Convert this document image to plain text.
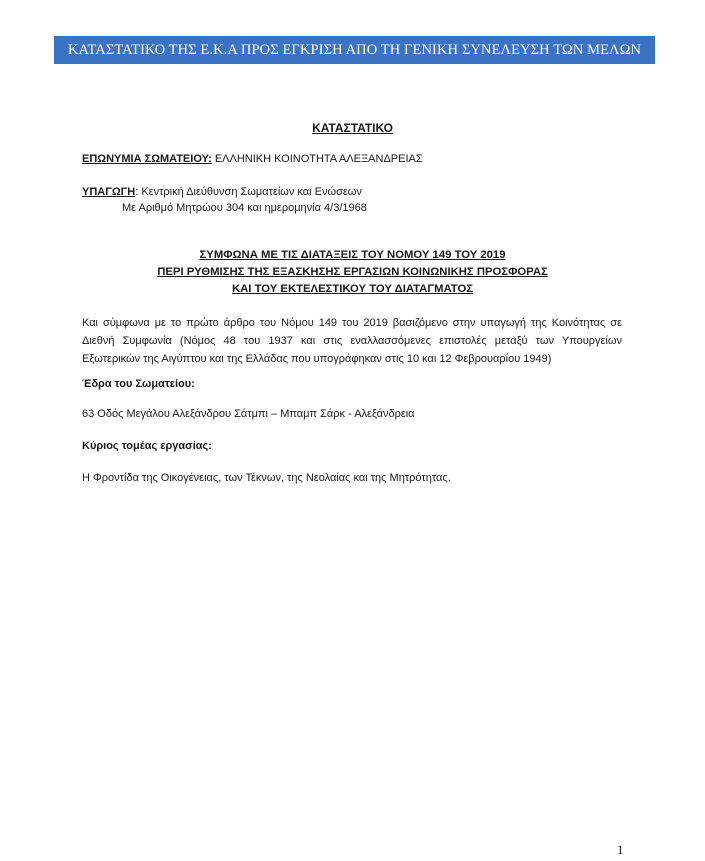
ΚΑΤΑΣΤΑΤΙΚΟ ΤΗΣ Ε.Κ.Α ΠΡΟΣ ΕΓΚΡΙΣΗ ΑΠΟ ΤΗ ΓΕΝΙΚΗ ΣΥΝΕΛΕΥΣΗ ΤΩΝ ΜΕΛΩΝ
ΚΑΤΑΣΤΑΤΙΚΟ
ΕΠΩΝΥΜΙΑ ΣΩΜΑΤΕΙΟΥ: ΕΛΛΗΝΙΚΗ ΚΟΙΝΟΤΗΤΑ ΑΛΕΞΑΝΔΡΕΙΑΣ
ΥΠΑΓΩΓΗ: Κεντρική Διεύθυνση Σωματείων και Ενώσεων
Με Αριθμό Μητρώου 304 και ημερομηνία 4/3/1968
ΣΥΜΦΩΝΑ ΜΕ ΤΙΣ ΔΙΑΤΑΞΕΙΣ ΤΟΥ ΝΟΜΟΥ 149 ΤΟΥ 2019
ΠΕΡΙ ΡΥΘΜΙΣΗΣ ΤΗΣ ΕΞΑΣΚΗΣΗΣ ΕΡΓΑΣΙΩΝ ΚΟΙΝΩΝΙΚΗΣ ΠΡΟΣΦΟΡΑΣ
ΚΑΙ ΤΟΥ ΕΚΤΕΛΕΣΤΙΚΟΥ ΤΟΥ ΔΙΑΤΑΓΜΑΤΟΣ
Και σύμφωνα με το πρώτο άρθρο του Νόμου 149 του 2019 βασιζόμενο στην υπαγωγή της Κοινότητας σε Διεθνή Συμφωνία (Νόμος 48 του 1937 και στις εναλλασσόμενες επιστολές μεταξύ των Υπουργείων Εξωτερικών της Αιγύπτου και της Ελλάδας που υπογράφηκαν στις 10 και 12 Φεβρουαρίου 1949)
Έδρα του Σωματείου:
63 Οδός Μεγάλου Αλεξάνδρου Σάτμπι – Μπαμπ Σάρκ - Αλεξάνδρεια
Κύριος τομέας εργασίας:
Η Φροντίδα της Οικογένειας, των Τέκνων, της Νεολαίας και της Μητρότητας.
1
